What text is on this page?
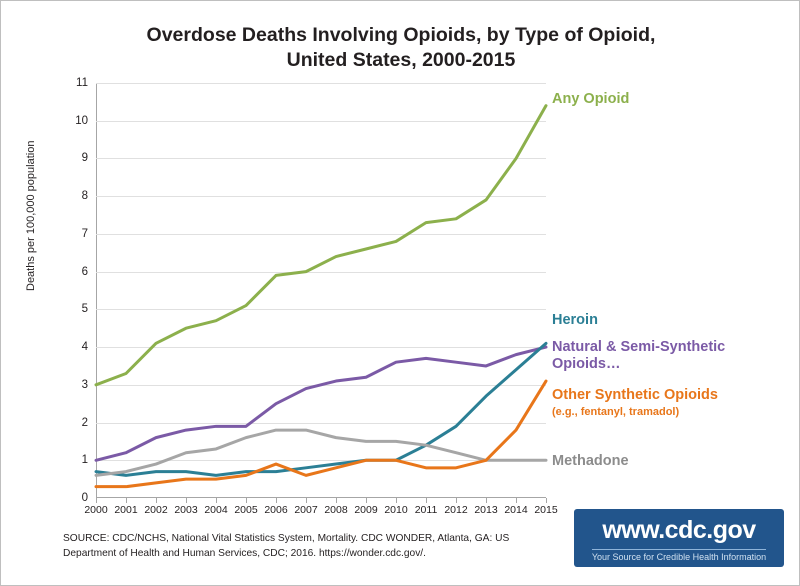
Overdose Deaths Involving Opioids, by Type of Opioid,
United States, 2000-2015
Deaths per 100,000 population
0
1
2
3
4
5
6
7
8
9
10
11
2000 2001 2002 2003 2004 2005 2006 2007 2008 2009 2010 2011 2012 2013 2014 2015
Any Opioid
Heroin
Natural & Semi-Synthetic Opioids…
Other Synthetic Opioids
(e.g., fentanyl, tramadol)
Methadone
SOURCE: CDC/NCHS, National Vital Statistics System, Mortality. CDC WONDER, Atlanta, GA: US Department of Health and Human Services, CDC; 2016. https://wonder.cdc.gov/.
www.cdc.gov
Your Source for Credible Health Information
